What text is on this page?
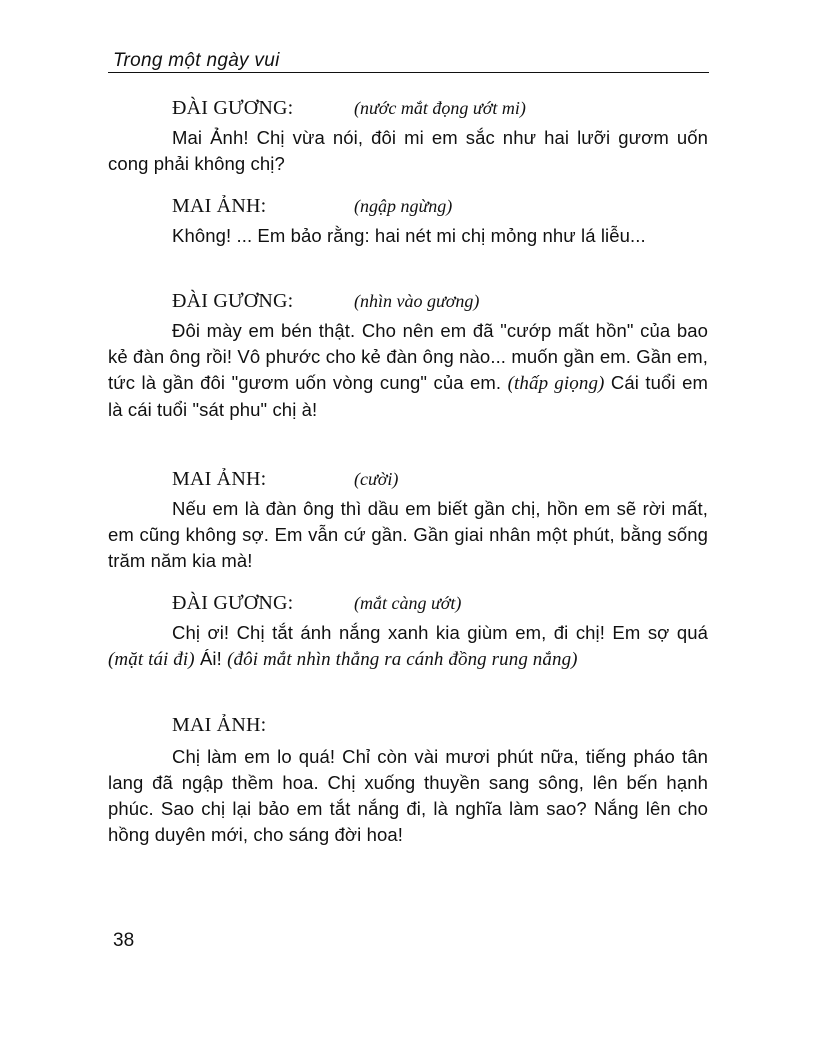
Trong một ngày vui
ĐÀI GƯƠNG:	(nước mắt đọng ướt mi)

Mai Ảnh! Chị vừa nói, đôi mi em sắc như hai lưỡi gươm uốn cong phải không chị?

MAI ẢNH:	(ngập ngừng)

Không! ... Em bảo rằng: hai nét mi chị mỏng như lá liễu...

ĐÀI GƯƠNG:	(nhìn vào gương)

Đôi mày em bén thật. Cho nên em đã "cướp mất hồn" của bao kẻ đàn ông rồi! Vô phước cho kẻ đàn ông nào... muốn gần em. Gần em, tức là gần đôi "gươm uốn vòng cung" của em. (thấp giọng) Cái tuổi em là cái tuổi "sát phu" chị à!

MAI ẢNH:	(cười)

Nếu em là đàn ông thì dầu em biết gần chị, hồn em sẽ rời mất, em cũng không sợ. Em vẫn cứ gần. Gần giai nhân một phút, bằng sống trăm năm kia mà!

ĐÀI GƯƠNG:	(mắt càng ướt)

Chị ơi! Chị tắt ánh nắng xanh kia giùm em, đi chị! Em sợ quá (mặt tái đi) Ái! (đôi mắt nhìn thẳng ra cánh đồng rung nắng)

MAI ẢNH:

Chị làm em lo quá! Chỉ còn vài mươi phút nữa, tiếng pháo tân lang đã ngập thềm hoa. Chị xuống thuyền sang sông, lên bến hạnh phúc. Sao chị lại bảo em tắt nắng đi, là nghĩa làm sao? Nắng lên cho hồng duyên mới, cho sáng đời hoa!

38
